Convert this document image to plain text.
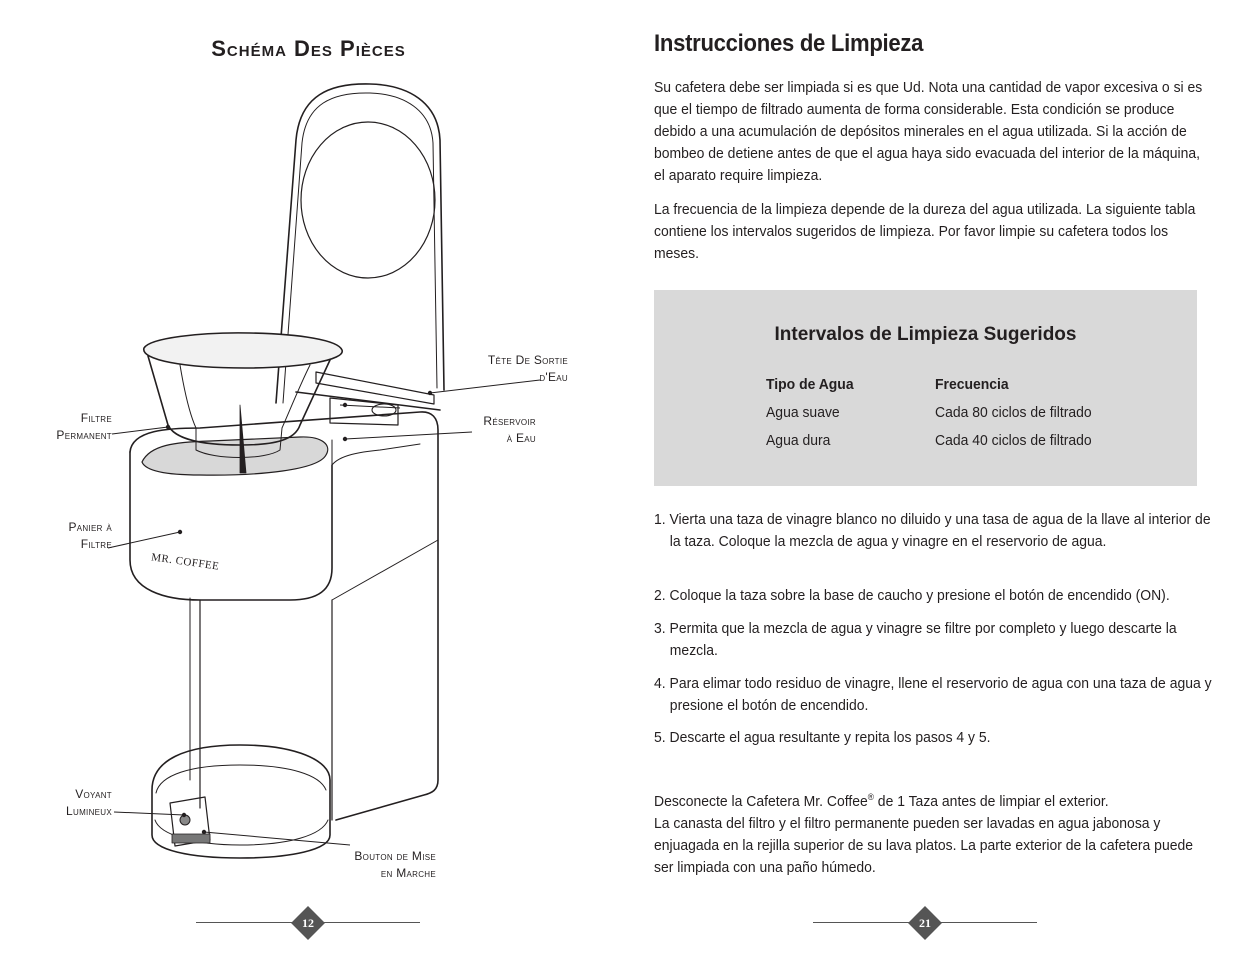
Schéma Des Pièces
MR. COFFEE
Tête De Sortie
d'Eau
Filtre
Permanent
Réservoir
à Eau
Panier à
Filtre
Voyant
Lumineux
Bouton de Mise
en Marche
12
Instrucciones de Limpieza
Su cafetera debe ser limpiada si es que Ud. Nota una cantidad de vapor excesiva o si es que el tiempo de filtrado aumenta de forma considerable. Esta condición se produce debido a una acumulación de depósitos minerales en el agua utilizada. Si la acción de bombeo de detiene antes de que el agua haya sido evacuada del interior de la máquina, el aparato require limpieza.
La frecuencia de la limpieza depende de la dureza del agua utilizada. La siguiente tabla contiene los intervalos sugeridos de limpieza. Por favor limpie su cafetera todos los meses.
Intervalos de Limpieza Sugeridos
Tipo de Agua	Frecuencia
Agua suave	Cada 80 ciclos de filtrado
Agua dura	Cada 40 ciclos de filtrado
1. Vierta una taza de vinagre blanco no diluido y una tasa de agua de la llave al interior de la taza. Coloque la mezcla de agua y vinagre en el reservorio de agua.
2. Coloque la taza sobre la base de caucho y presione el botón de encendido (ON).
3. Permita que la mezcla de agua y vinagre se filtre por completo y luego descarte la mezcla.
4. Para elimar todo residuo de vinagre, llene el reservorio de agua con una taza de agua y presione el botón de encendido.
5. Descarte el agua resultante y repita los pasos 4 y 5.
Desconecte la Cafetera Mr. Coffee® de 1 Taza antes de limpiar el exterior.
La canasta del filtro y el filtro permanente pueden ser lavadas en agua jabonosa y enjuagada en la rejilla superior de su lava platos. La parte exterior de la cafetera puede ser limpiada con una paño húmedo.
21
